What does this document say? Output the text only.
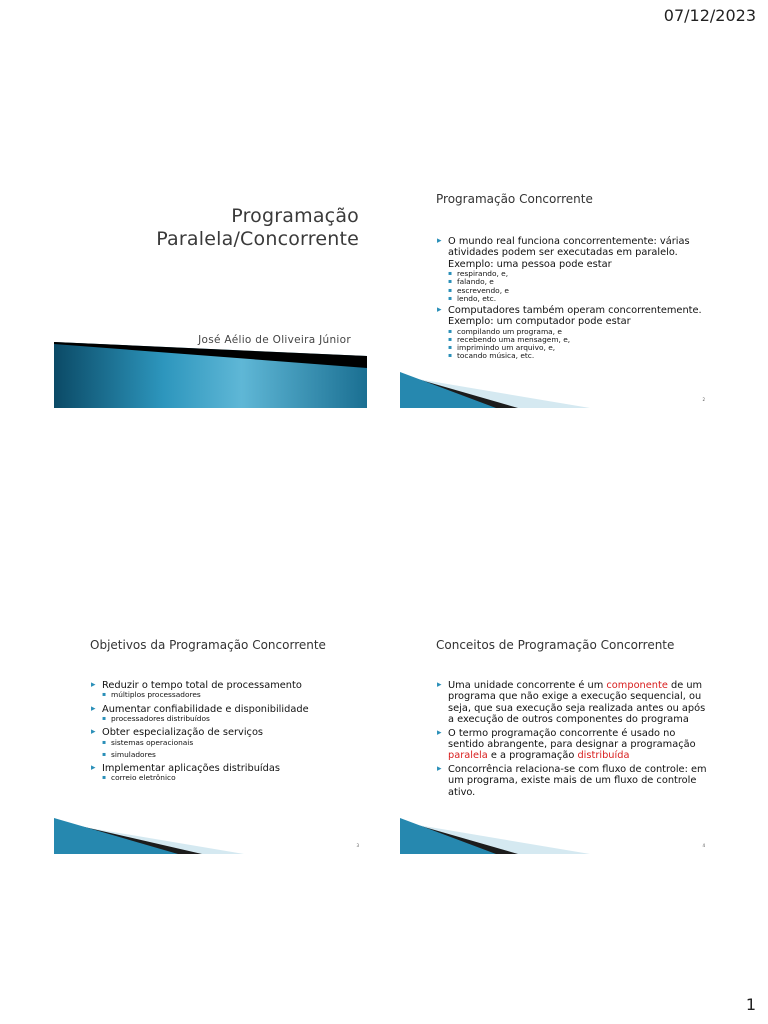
07/12/2023
Programação
Paralela/Concorrente
José Aélio de Oliveira Júnior
Programação Concorrente
▸ O mundo real funciona concorrentemente: várias atividades podem ser executadas em paralelo. Exemplo: uma pessoa pode estar
▪ respirando, e,
▪ falando, e
▪ escrevendo, e
▪ lendo, etc.
▸ Computadores também operam concorrentemente. Exemplo: um computador pode estar
▪ compilando um programa, e
▪ recebendo uma mensagem, e,
▪ imprimindo um arquivo, e,
▪ tocando música, etc.
2
Objetivos da Programação Concorrente
▸ Reduzir o tempo total de processamento
▪ múltiplos processadores
▸ Aumentar confiabilidade e disponibilidade
▪ processadores distribuídos
▸ Obter especialização de serviços
▪ sistemas operacionais
▪ simuladores
▸ Implementar aplicações distribuídas
▪ correio eletrônico
3
Conceitos de Programação Concorrente
▸ Uma unidade concorrente é um componente de um programa que não exige a execução sequencial, ou seja, que sua execução seja realizada antes ou após a execução de outros componentes do programa
▸ O termo programação concorrente é usado no sentido abrangente, para designar a programação paralela e a programação distribuída
▸ Concorrência relaciona-se com fluxo de controle: em um programa, existe mais de um fluxo de controle ativo.
4
1
